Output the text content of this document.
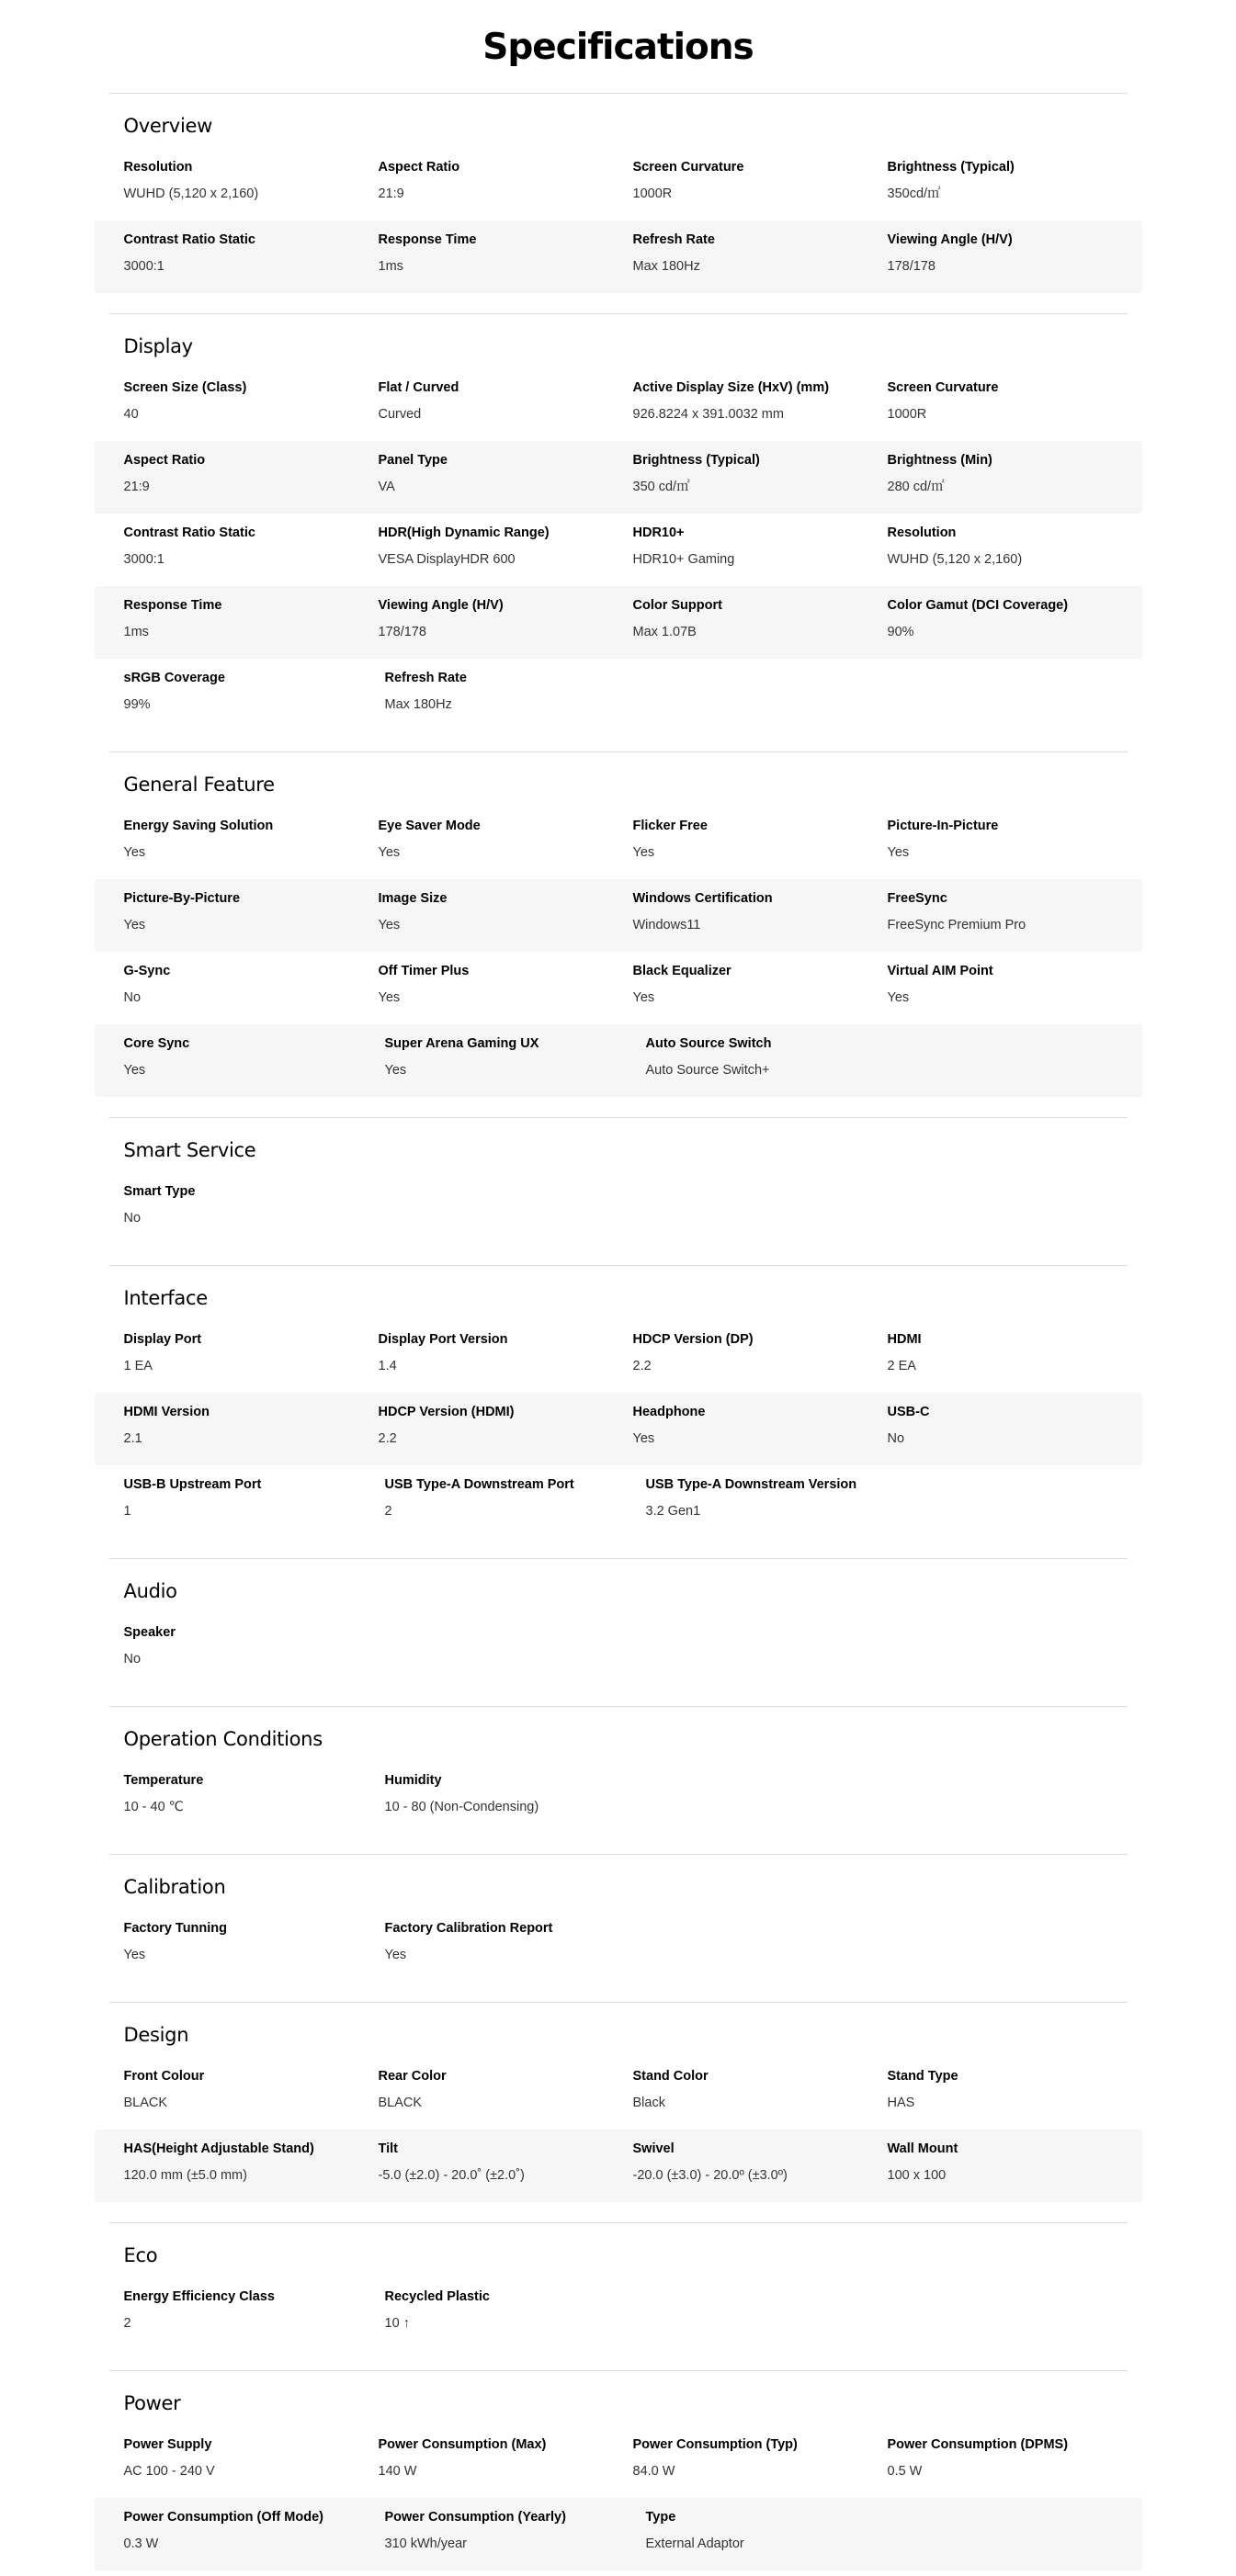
Specifications
Overview
Resolution
WUHD (5,120 x 2,160)
Aspect Ratio
21:9
Screen Curvature
1000R
Brightness (Typical)
350cd/㎡
Contrast Ratio Static
3000:1
Response Time
1ms
Refresh Rate
Max 180Hz
Viewing Angle (H/V)
178/178
Display
Screen Size (Class)
40
Flat / Curved
Curved
Active Display Size (HxV) (mm)
926.8224 x 391.0032 mm
Screen Curvature
1000R
Aspect Ratio
21:9
Panel Type
VA
Brightness (Typical)
350 cd/㎡
Brightness (Min)
280 cd/㎡
Contrast Ratio Static
3000:1
HDR(High Dynamic Range)
VESA DisplayHDR 600
HDR10+
HDR10+ Gaming
Resolution
WUHD (5,120 x 2,160)
Response Time
1ms
Viewing Angle (H/V)
178/178
Color Support
Max 1.07B
Color Gamut (DCI Coverage)
90%
sRGB Coverage
99%
Refresh Rate
Max 180Hz
General Feature
Energy Saving Solution
Yes
Eye Saver Mode
Yes
Flicker Free
Yes
Picture-In-Picture
Yes
Picture-By-Picture
Yes
Image Size
Yes
Windows Certification
Windows11
FreeSync
FreeSync Premium Pro
G-Sync
No
Off Timer Plus
Yes
Black Equalizer
Yes
Virtual AIM Point
Yes
Core Sync
Yes
Super Arena Gaming UX
Yes
Auto Source Switch
Auto Source Switch+
Smart Service
Smart Type
No
Interface
Display Port
1 EA
Display Port Version
1.4
HDCP Version (DP)
2.2
HDMI
2 EA
HDMI Version
2.1
HDCP Version (HDMI)
2.2
Headphone
Yes
USB-C
No
USB-B Upstream Port
1
USB Type-A Downstream Port
2
USB Type-A Downstream Version
3.2 Gen1
Audio
Speaker
No
Operation Conditions
Temperature
10 - 40 ℃
Humidity
10 - 80 (Non-Condensing)
Calibration
Factory Tunning
Yes
Factory Calibration Report
Yes
Design
Front Colour
BLACK
Rear Color
BLACK
Stand Color
Black
Stand Type
HAS
HAS(Height Adjustable Stand)
120.0 mm (±5.0 mm)
Tilt
-5.0 (±2.0) - 20.0˚ (±2.0˚)
Swivel
-20.0 (±3.0) - 20.0º (±3.0º)
Wall Mount
100 x 100
Eco
Energy Efficiency Class
2
Recycled Plastic
10 ↑
Power
Power Supply
AC 100 - 240 V
Power Consumption (Max)
140 W
Power Consumption (Typ)
84.0 W
Power Consumption (DPMS)
0.5 W
Power Consumption (Off Mode)
0.3 W
Power Consumption (Yearly)
310 kWh/year
Type
External Adaptor
